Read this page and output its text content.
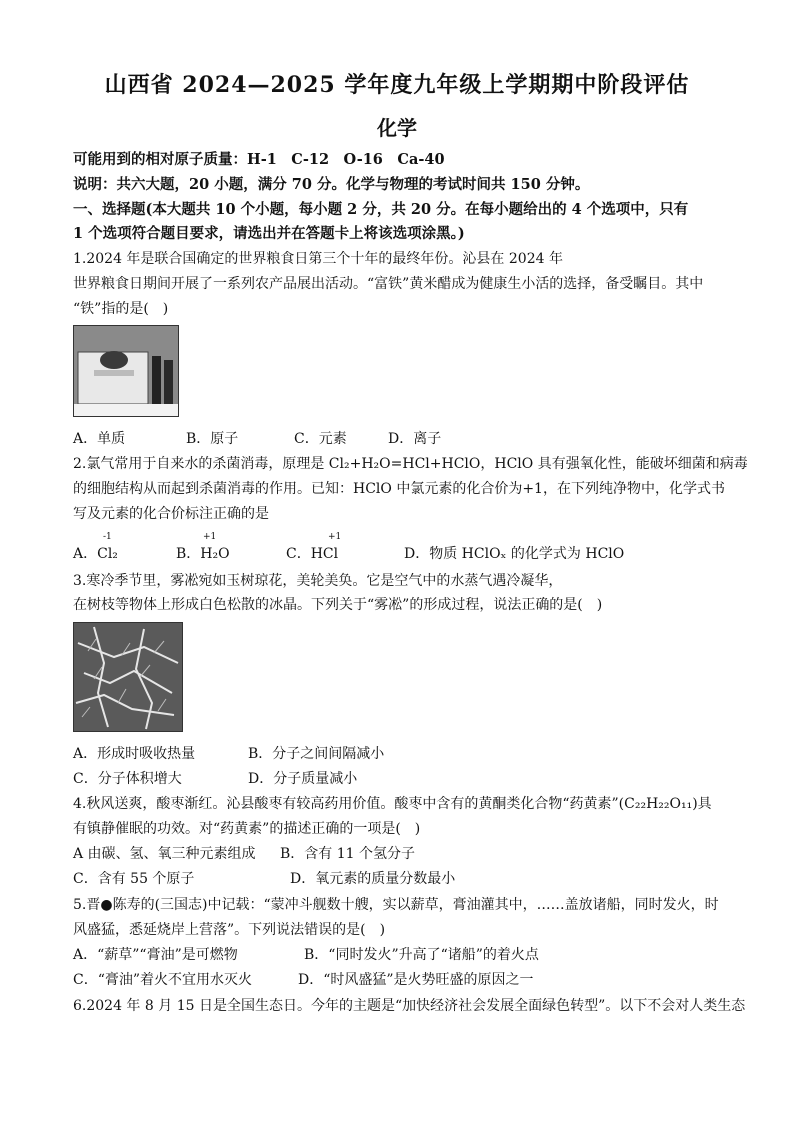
山西省 2024—2025 学年度九年级上学期期中阶段评估
化学
可能用到的相对原子质量：H-1　C-12　O-16　Ca-40
说明：共六大题，20 小题，满分 70 分。化学与物理的考试时间共 150 分钟。
一、选择题(本大题共 10 个小题，每小题 2 分，共 20 分。在每小题给出的 4 个选项中，只有
1 个选项符合题目要求，请选出并在答题卡上将该选项涂黑。)
1.2024 年是联合国确定的世界粮食日第三个十年的最终年份。沁县在 2024 年
世界粮食日期间开展了一系列农产品展出活动。“富铁”黄米醋成为健康生小活的选择，备受瞩目。其中
“铁”指的是(　)
A．单质	B．原子	C．元素	D．离子
2.氯气常用于自来水的杀菌消毒，原理是 Cl₂+H₂O=HCl+HClO，HClO 具有强氧化性，能破坏细菌和病毒
的细胞结构从而起到杀菌消毒的作用。已知：HClO 中氯元素的化合价为+1，在下列纯净物中，化学式书
写及元素的化合价标注正确的是
-1	+1	+1
A．Cl₂	B．H₂O	C．HCl	D．物质 HClOₓ 的化学式为 HClO
3.寒冷季节里，雾凇宛如玉树琼花，美轮美奂。它是空气中的水蒸气遇冷凝华，
在树枝等物体上形成白色松散的冰晶。下列关于“雾凇”的形成过程，说法正确的是(　)
A．形成时吸收热量	B．分子之间间隔减小
C．分子体积增大	D．分子质量减小
4.秋风送爽，酸枣渐红。沁县酸枣有较高药用价值。酸枣中含有的黄酮类化合物“药黄素”(C₂₂H₂₂O₁₁)具
有镇静催眠的功效。对“药黄素”的描述正确的一项是(　)
A 由碳、氢、氧三种元素组成 B．含有 11 个氢分子
C．含有 55 个原子	D．氧元素的质量分数最小
5.晋●陈寿的(三国志)中记载：“蒙冲斗舰数十艘，实以薪草，膏油灌其中，……盖放诸船，同时发火，时
风盛猛，悉延烧岸上营落”。下列说法错误的是(　)
A．“薪草”“膏油”是可燃物	B．“同时发火”升高了“诸船”的着火点
C．“膏油”着火不宜用水灭火	D．“时风盛猛”是火势旺盛的原因之一
6.2024 年 8 月 15 日是全国生态日。今年的主题是“加快经济社会发展全面绿色转型”。以下不会对人类生态
